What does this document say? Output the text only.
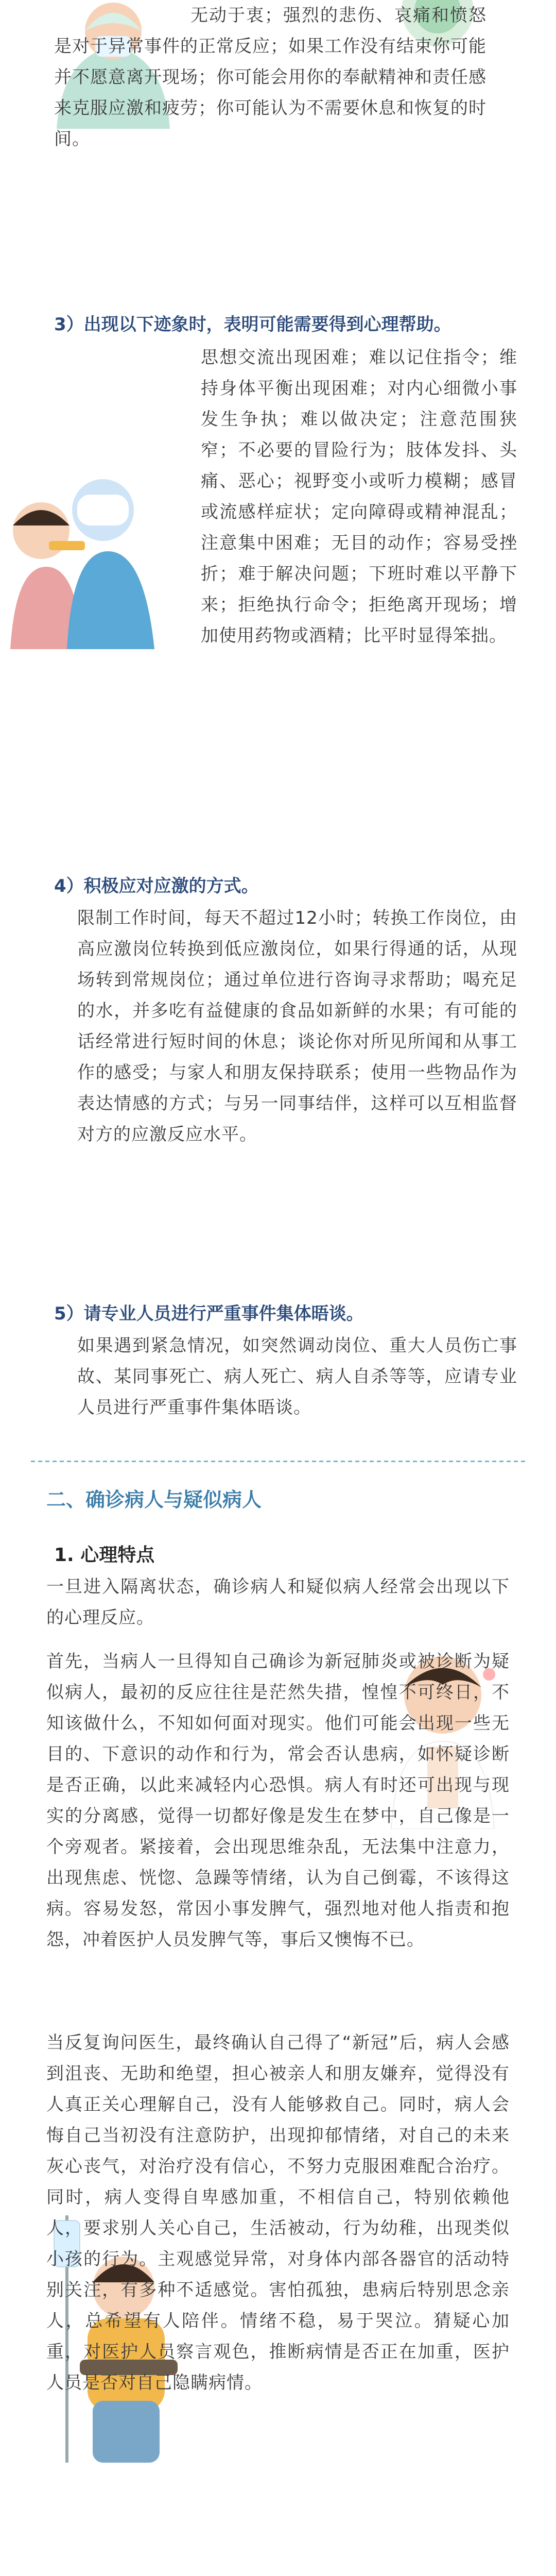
无动于衷；强烈的悲伤、哀痛和愤怒是对于异常事件的正常反应；如果工作没有结束你可能并不愿意离开现场；你可能会用你的奉献精神和责任感来克服应激和疲劳；你可能认为不需要休息和恢复的时间。

3）出现以下迹象时，表明可能需要得到心理帮助。

思想交流出现困难；难以记住指令；维持身体平衡出现困难；对内心细微小事发生争执；难以做决定；注意范围狭窄；不必要的冒险行为；肢体发抖、头痛、恶心；视野变小或听力模糊；感冒或流感样症状；定向障碍或精神混乱；注意集中困难；无目的动作；容易受挫折；难于解决问题；下班时难以平静下来；拒绝执行命令；拒绝离开现场；增加使用药物或酒精；比平时显得笨拙。

4）积极应对应激的方式。

限制工作时间，每天不超过12小时；转换工作岗位，由高应激岗位转换到低应激岗位，如果行得通的话，从现场转到常规岗位；通过单位进行咨询寻求帮助；喝充足的水，并多吃有益健康的食品如新鲜的水果；有可能的话经常进行短时间的休息；谈论你对所见所闻和从事工作的感受；与家人和朋友保持联系；使用一些物品作为表达情感的方式；与另一同事结伴，这样可以互相监督对方的应激反应水平。

5）请专业人员进行严重事件集体晤谈。

如果遇到紧急情况，如突然调动岗位、重大人员伤亡事故、某同事死亡、病人死亡、病人自杀等等，应请专业人员进行严重事件集体晤谈。

二、确诊病人与疑似病人
1. 心理特点

一旦进入隔离状态，确诊病人和疑似病人经常会出现以下的心理反应。

首先，当病人一旦得知自己确诊为新冠肺炎或被诊断为疑似病人，最初的反应往往是茫然失措，惶惶不可终日，不知该做什么，不知如何面对现实。他们可能会出现一些无目的、下意识的动作和行为，常会否认患病，如怀疑诊断是否正确，以此来减轻内心恐惧。病人有时还可出现与现实的分离感，觉得一切都好像是发生在梦中，自己像是一个旁观者。紧接着，会出现思维杂乱，无法集中注意力，出现焦虑、恍惚、急躁等情绪，认为自己倒霉，不该得这病。容易发怒，常因小事发脾气，强烈地对他人指责和抱怨，冲着医护人员发脾气等，事后又懊悔不已。

当反复询问医生，最终确认自己得了“新冠”后，病人会感到沮丧、无助和绝望，担心被亲人和朋友嫌弃，觉得没有人真正关心理解自己，没有人能够救自己。同时，病人会悔自己当初没有注意防护，出现抑郁情绪，对自己的未来灰心丧气，对治疗没有信心，不努力克服困难配合治疗。同时，病人变得自卑感加重，不相信自己，特别依赖他人，要求别人关心自己，生活被动，行为幼稚，出现类似小孩的行为。主观感觉异常，对身体内部各器官的活动特别关注，有多种不适感觉。害怕孤独，患病后特别思念亲人，总希望有人陪伴。情绪不稳，易于哭泣。猜疑心加重，对医护人员察言观色，推断病情是否正在加重，医护人员是否对自己隐瞒病情。
